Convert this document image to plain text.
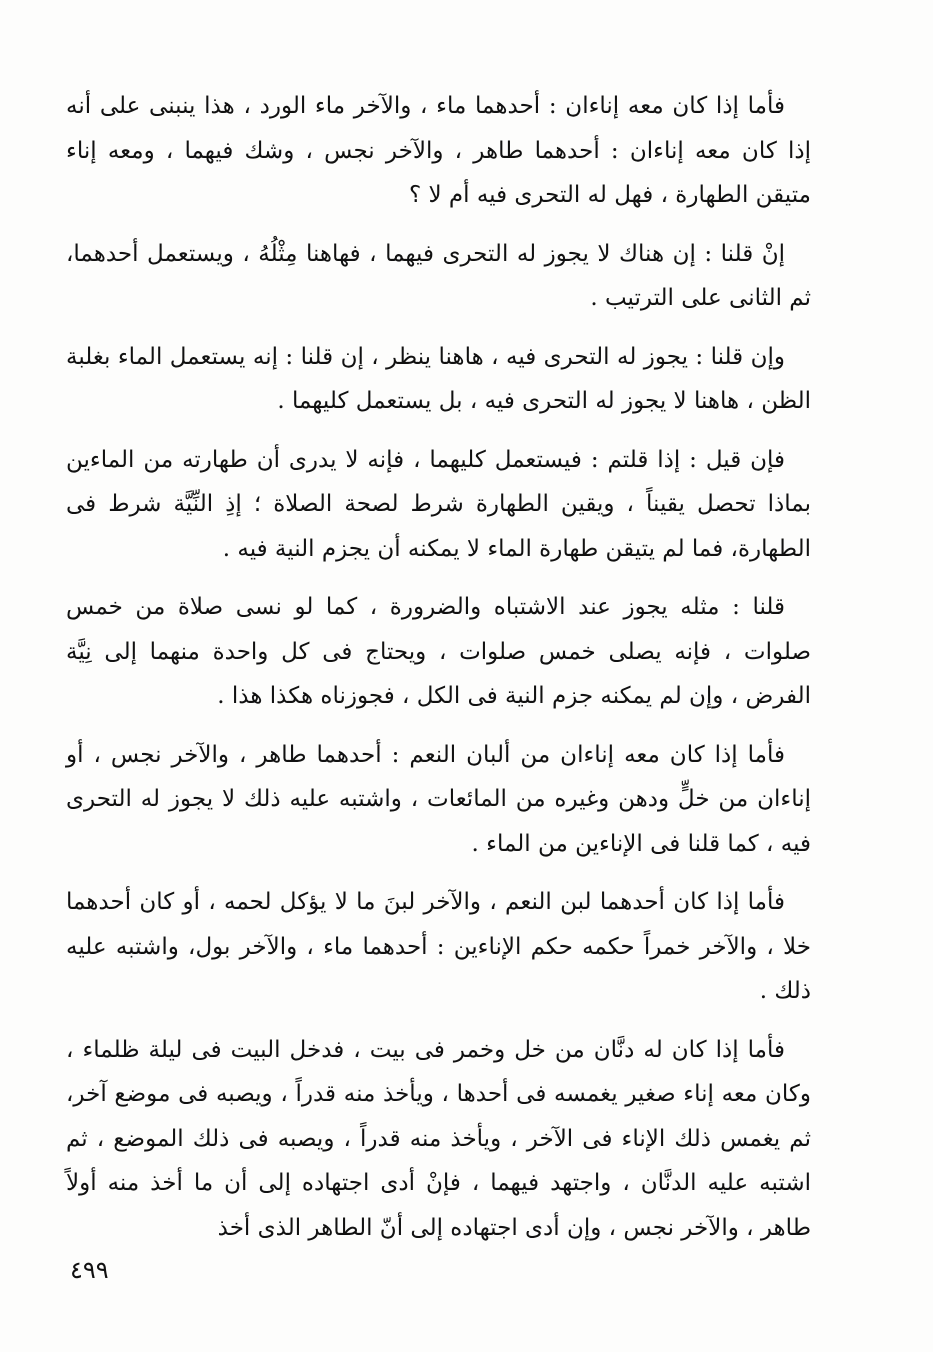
فأما إذا كان معه إناءان : أحدهما ماء ، والآخر ماء الورد ، هذا ينبنى على أنه إذا كان معه إناءان : أحدهما طاهر ، والآخر نجس ، وشك فيهما ، ومعه إناء متيقن الطهارة ، فهل له التحرى فيه أم لا ؟

إنْ قلنا : إن هناك لا يجوز له التحرى فيهما ، فهاهنا مِثْلُهُ ، ويستعمل أحدهما، ثم الثانى على الترتيب .

وإن قلنا : يجوز له التحرى فيه ، هاهنا ينظر ، إن قلنا : إنه يستعمل الماء بغلبة الظن ، هاهنا لا يجوز له التحرى فيه ، بل يستعمل كليهما .

فإن قيل : إذا قلتم : فيستعمل كليهما ، فإنه لا يدرى أن طهارته من الماءين بماذا تحصل يقيناً ، ويقين الطهارة شرط لصحة الصلاة ؛ إذِ النِّيَّة شرط فى الطهارة، فما لم يتيقن طهارة الماء لا يمكنه أن يجزم النية فيه .

قلنا : مثله يجوز عند الاشتباه والضرورة ، كما لو نسى صلاة من خمس صلوات ، فإنه يصلى خمس صلوات ، ويحتاج فى كل واحدة منهما إلى نِيَّة الفرض ، وإن لم يمكنه جزم النية فى الكل ، فجوزناه هكذا هذا .

فأما إذا كان معه إناءان من ألبان النعم : أحدهما طاهر ، والآخر نجس ، أو إناءان من خلٍّ ودهن وغيره من المائعات ، واشتبه عليه ذلك لا يجوز له التحرى فيه ، كما قلنا فى الإناءين من الماء .

فأما إذا كان أحدهما لبن النعم ، والآخر لبنَ ما لا يؤكل لحمه ، أو كان أحدهما خلا ، والآخر خمراً حكمه حكم الإناءين : أحدهما ماء ، والآخر بول، واشتبه عليه ذلك .

فأما إذا كان له دنَّان من خل وخمر فى بيت ، فدخل البيت فى ليلة ظلماء ، وكان معه إناء صغير يغمسه فى أحدها ، ويأخذ منه قدراً ، ويصبه فى موضع آخر، ثم يغمس ذلك الإناء فى الآخر ، ويأخذ منه قدراً ، ويصبه فى ذلك الموضع ، ثم اشتبه عليه الدنَّان ، واجتهد فيهما ، فإنْ أدى اجتهاده إلى أن ما أخذ منه أولاً طاهر ، والآخر نجس ، وإن أدى اجتهاده إلى أنّ الطاهر الذى أخذ

٤٩٩
